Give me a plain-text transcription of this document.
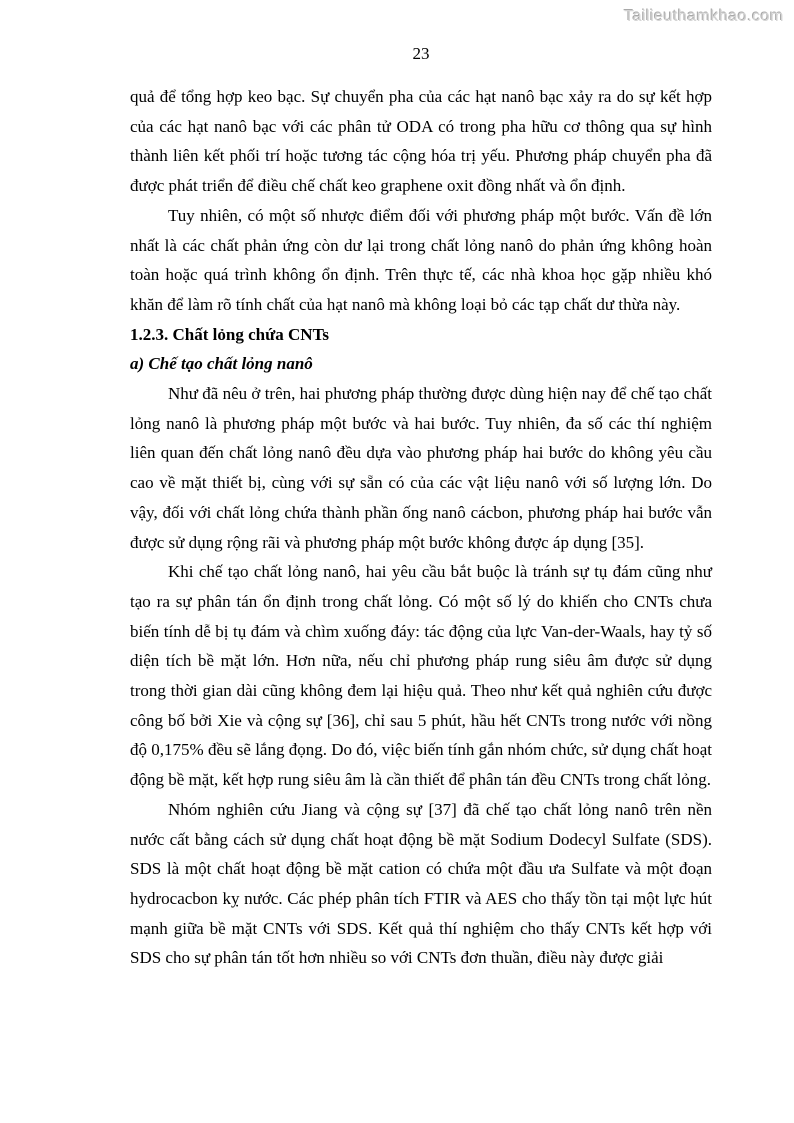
Tailieuthamkhao.com
23

quả để tổng hợp keo bạc. Sự chuyển pha của các hạt nanô bạc xảy ra do sự kết hợp của các hạt nanô bạc với các phân tử ODA có trong pha hữu cơ thông qua sự hình thành liên kết phối trí hoặc tương tác cộng hóa trị yếu. Phương pháp chuyển pha đã được phát triển để điều chế chất keo graphene oxit đồng nhất và ổn định.

Tuy nhiên, có một số nhược điểm đối với phương pháp một bước. Vấn đề lớn nhất là các chất phản ứng còn dư lại trong chất lỏng nanô do phản ứng không hoàn toàn hoặc quá trình không ổn định. Trên thực tế, các nhà khoa học gặp nhiều khó khăn để làm rõ tính chất của hạt nanô mà không loại bỏ các tạp chất dư thừa này.

1.2.3. Chất lỏng chứa CNTs
a) Chế tạo chất lỏng nanô

Như đã nêu ở trên, hai phương pháp thường được dùng hiện nay để chế tạo chất lỏng nanô là phương pháp một bước và hai bước. Tuy nhiên, đa số các thí nghiệm liên quan đến chất lỏng nanô đều dựa vào phương pháp hai bước do không yêu cầu cao về mặt thiết bị, cùng với sự sẵn có của các vật liệu nanô với số lượng lớn. Do vậy, đối với chất lỏng chứa thành phần ống nanô cácbon, phương pháp hai bước vẫn được sử dụng rộng rãi và phương pháp một bước không được áp dụng [35].

Khi chế tạo chất lỏng nanô, hai yêu cầu bắt buộc là tránh sự tụ đám cũng như tạo ra sự phân tán ổn định trong chất lỏng. Có một số lý do khiến cho CNTs chưa biến tính dễ bị tụ đám và chìm xuống đáy: tác động của lực Van-der-Waals, hay tỷ số diện tích bề mặt lớn. Hơn nữa, nếu chỉ phương pháp rung siêu âm được sử dụng trong thời gian dài cũng không đem lại hiệu quả. Theo như kết quả nghiên cứu được công bố bởi Xie và cộng sự [36], chỉ sau 5 phút, hầu hết CNTs trong nước với nồng độ 0,175% đều sẽ lắng đọng. Do đó, việc biến tính gắn nhóm chức, sử dụng chất hoạt động bề mặt, kết hợp rung siêu âm là cần thiết để phân tán đều CNTs trong chất lỏng.

Nhóm nghiên cứu Jiang và cộng sự [37] đã chế tạo chất lỏng nanô trên nền nước cất bằng cách sử dụng chất hoạt động bề mặt Sodium Dodecyl Sulfate (SDS). SDS là một chất hoạt động bề mặt cation có chứa một đầu ưa Sulfate và một đoạn hydrocacbon kỵ nước. Các phép phân tích FTIR và AES cho thấy tồn tại một lực hút mạnh giữa bề mặt CNTs với SDS. Kết quả thí nghiệm cho thấy CNTs kết hợp với SDS cho sự phân tán tốt hơn nhiều so với CNTs đơn thuần, điều này được giải
